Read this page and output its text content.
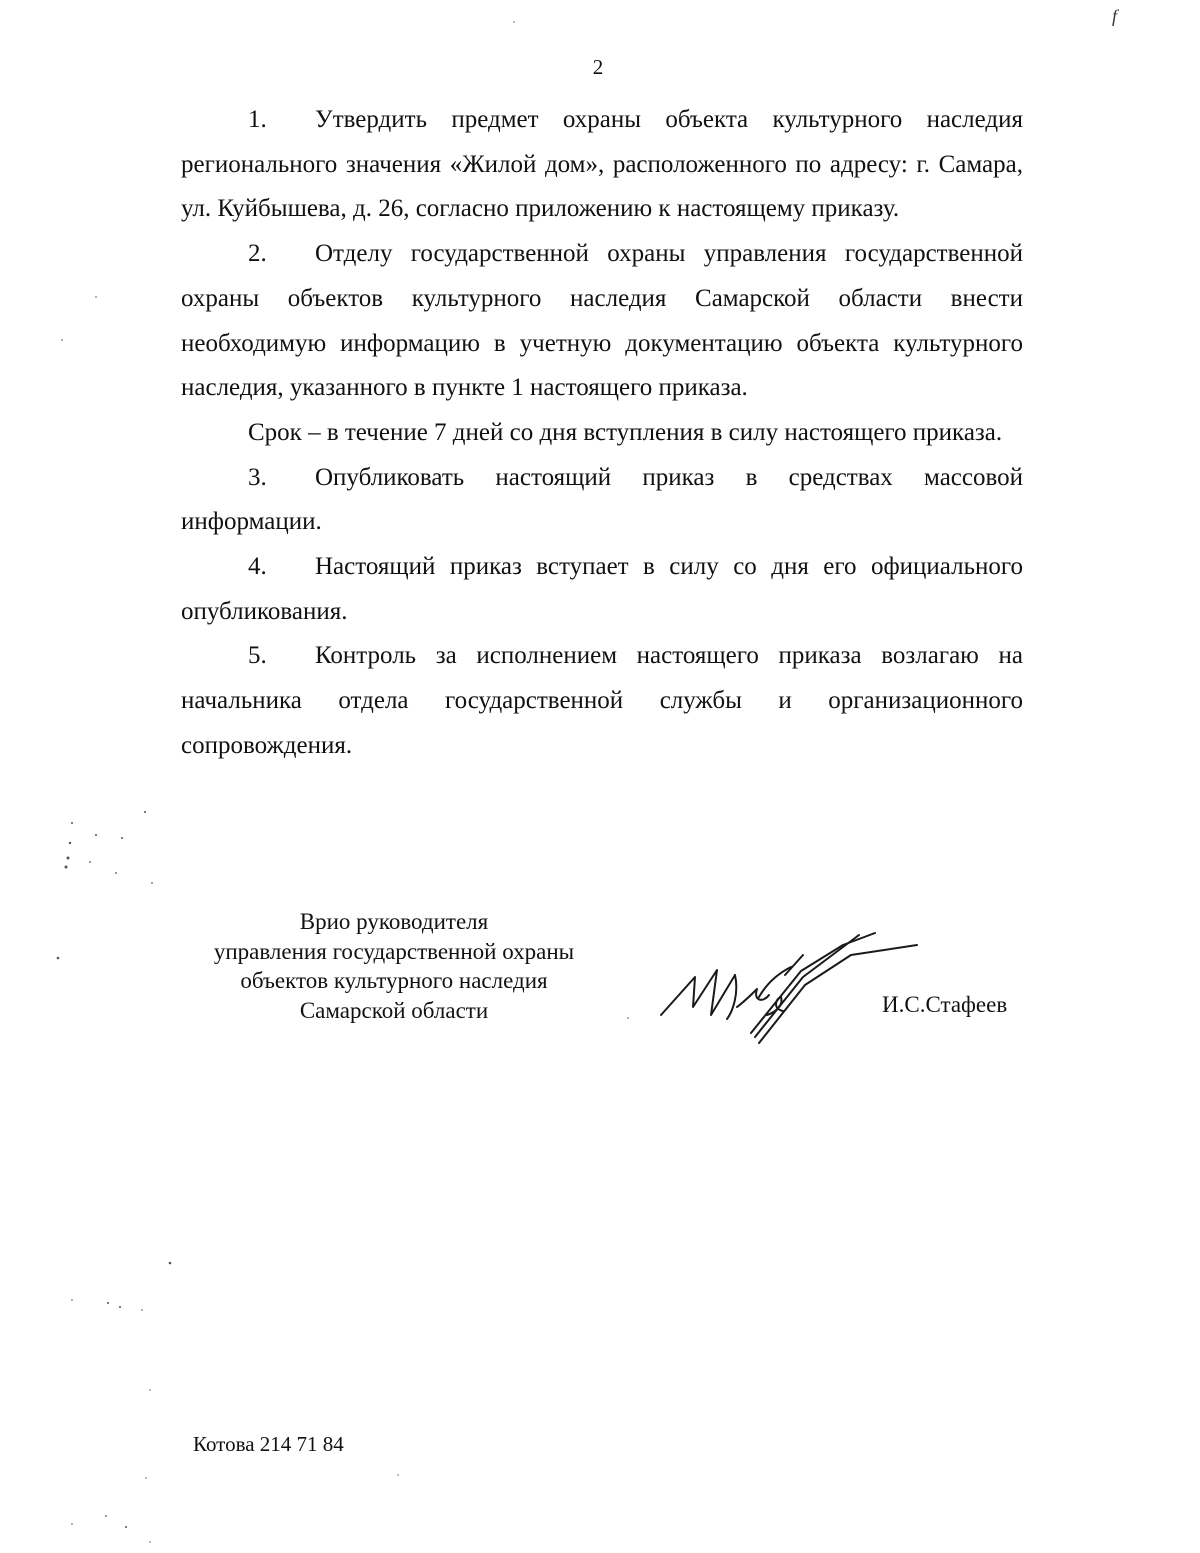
f
2

1. Утвердить предмет охраны объекта культурного наследия регионального значения «Жилой дом», расположенного по адресу: г. Самара, ул. Куйбышева, д. 26, согласно приложению к настоящему приказу.

2. Отделу государственной охраны управления государственной охраны объектов культурного наследия Самарской области внести необходимую информацию в учетную документацию объекта культурного наследия, указанного в пункте 1 настоящего приказа.

Срок – в течение 7 дней со дня вступления в силу настоящего приказа.

3. Опубликовать настоящий приказ в средствах массовой информации.

4. Настоящий приказ вступает в силу со дня его официального опубликования.

5. Контроль за исполнением настоящего приказа возлагаю на начальника отдела государственной службы и организационного сопровождения.

Врио руководителя
управления государственной охраны
объектов культурного наследия
Самарской области	И.С.Стафеев
Котова 214 71 84
